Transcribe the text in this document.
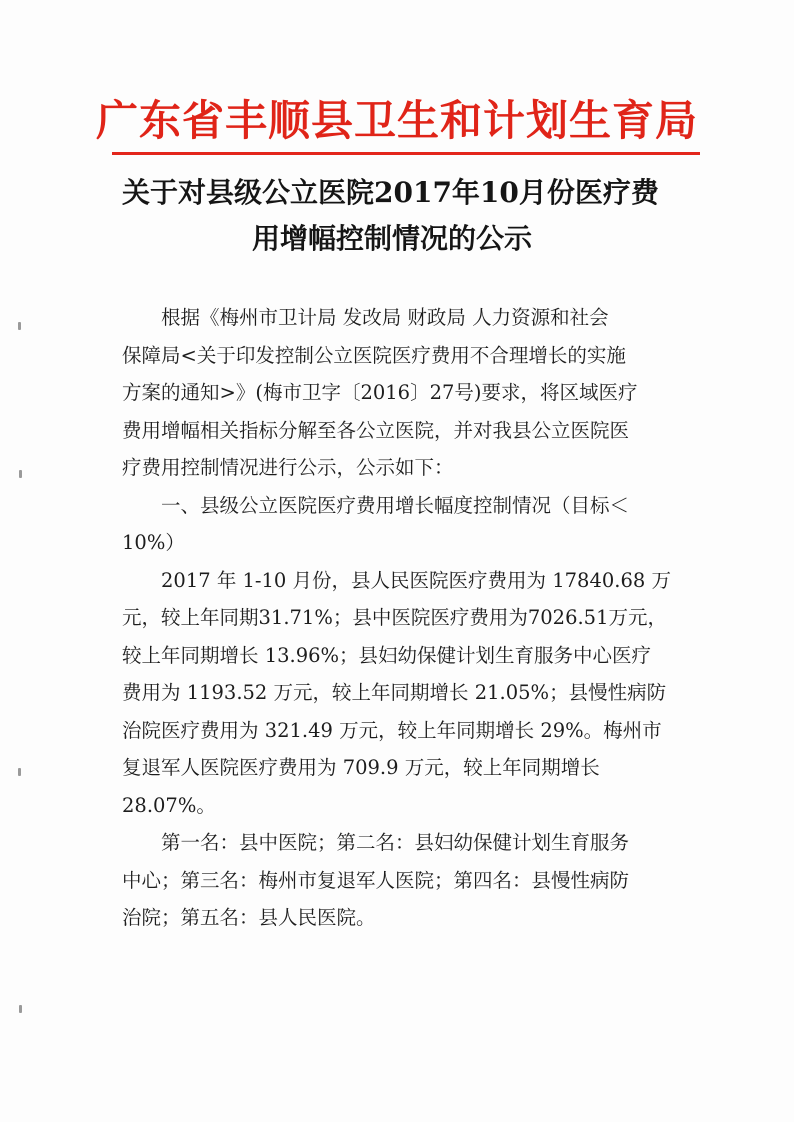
广东省丰顺县卫生和计划生育局
关于对县级公立医院2017年10月份医疗费
用增幅控制情况的公示
根据《梅州市卫计局 发改局 财政局 人力资源和社会
保障局<关于印发控制公立医院医疗费用不合理增长的实施
方案的通知>》(梅市卫字〔2016〕27号)要求，将区域医疗
费用增幅相关指标分解至各公立医院，并对我县公立医院医
疗费用控制情况进行公示，公示如下：
一、县级公立医院医疗费用增长幅度控制情况（目标＜
10%）
2017 年 1-10 月份，县人民医院医疗费用为 17840.68 万
元，较上年同期31.71%；县中医院医疗费用为7026.51万元，
较上年同期增长 13.96%；县妇幼保健计划生育服务中心医疗
费用为 1193.52 万元，较上年同期增长 21.05%；县慢性病防
治院医疗费用为 321.49 万元，较上年同期增长 29%。梅州市
复退军人医院医疗费用为 709.9 万元，较上年同期增长
28.07%。
第一名：县中医院；第二名：县妇幼保健计划生育服务
中心；第三名：梅州市复退军人医院；第四名：县慢性病防
治院；第五名：县人民医院。
